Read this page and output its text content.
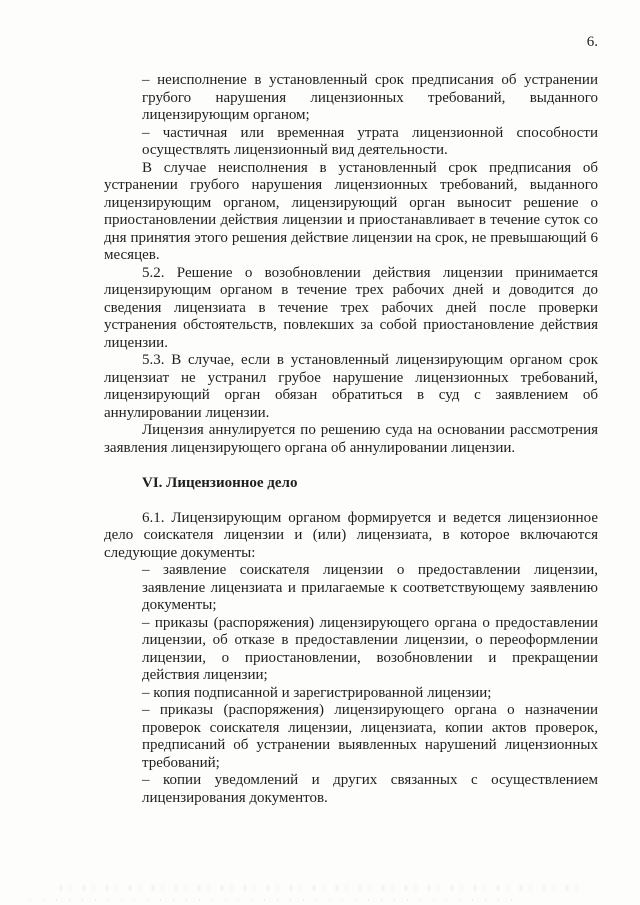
6.
– неисполнение в установленный срок предписания об устранении грубого нарушения лицензионных требований, выданного лицензирующим органом;
– частичная или временная утрата лицензионной способности осуществлять лицензионный вид деятельности.
В случае неисполнения в установленный срок предписания об устранении грубого нарушения лицензионных требований, выданного лицензирующим органом, лицензирующий орган выносит решение о приостановлении действия лицензии и приостанавливает в течение суток со дня принятия этого решения действие лицензии на срок, не превышающий 6 месяцев.
5.2. Решение о возобновлении действия лицензии принимается лицензирующим органом в течение трех рабочих дней и доводится до сведения лицензиата в течение трех рабочих дней после проверки устранения обстоятельств, повлекших за собой приостановление действия лицензии.
5.3. В случае, если в установленный лицензирующим органом срок лицензиат не устранил грубое нарушение лицензионных требований, лицензирующий орган обязан обратиться в суд с заявлением об аннулировании лицензии.
Лицензия аннулируется по решению суда на основании рассмотрения заявления лицензирующего органа об аннулировании лицензии.
VI. Лицензионное дело
6.1. Лицензирующим органом формируется и ведется лицензионное дело соискателя лицензии и (или) лицензиата, в которое включаются следующие документы:
– заявление соискателя лицензии о предоставлении лицензии, заявление лицензиата и прилагаемые к соответствующему заявлению документы;
– приказы (распоряжения) лицензирующего органа о предоставлении лицензии, об отказе в предоставлении лицензии, о переоформлении лицензии, о приостановлении, возобновлении и прекращении действия лицензии;
– копия подписанной и зарегистрированной лицензии;
– приказы (распоряжения) лицензирующего органа о назначении проверок соискателя лицензии, лицензиата, копии актов проверок, предписаний об устранении выявленных нарушений лицензионных требований;
– копии уведомлений и других связанных с осуществлением лицензирования документов.
